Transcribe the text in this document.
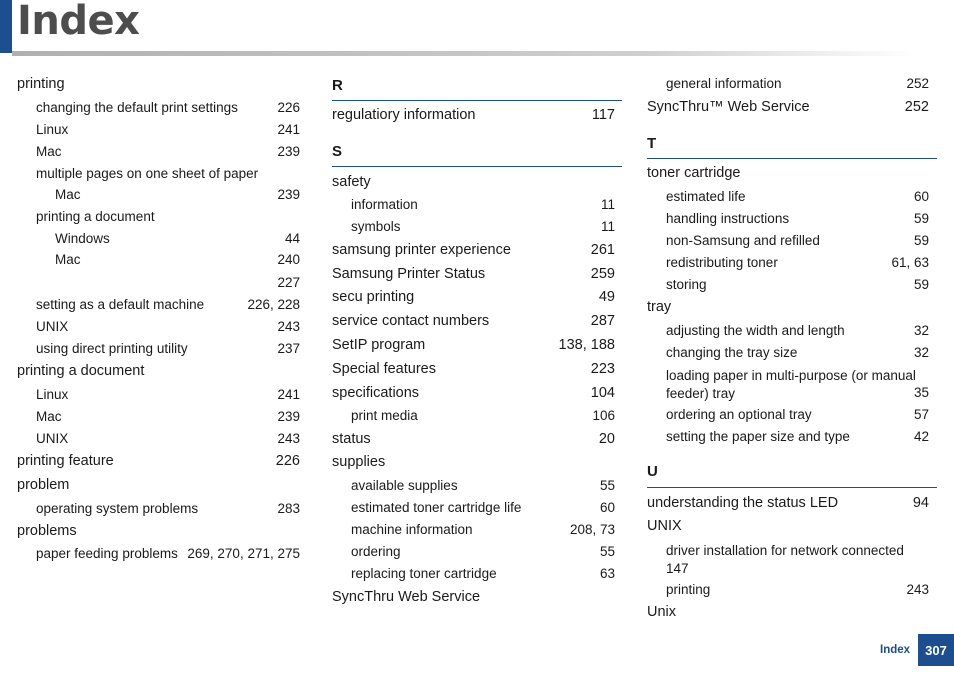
Index
printing
changing the default print settings	226
Linux	241
Mac	239
multiple pages on one sheet of paper
Mac	239
printing a document
Windows	44
Mac	240
227
setting as a default machine	226, 228
UNIX	243
using direct printing utility	237
printing a document
Linux	241
Mac	239
UNIX	243
printing feature	226
problem
operating system problems	283
problems
paper feeding problems 269, 270, 271, 275
R
regulatiory information	117
S
safety
information	11
symbols	11
samsung printer experience	261
Samsung Printer Status	259
secu printing	49
service contact numbers	287
SetIP program	138, 188
Special features	223
specifications	104
print media	106
status	20
supplies
available supplies	55
estimated toner cartridge life	60
machine information	208, 73
ordering	55
replacing toner cartridge	63
SyncThru Web Service
general information	252
SyncThru™ Web Service	252
T
toner cartridge
estimated life	60
handling instructions	59
non-Samsung and refilled	59
redistributing toner	61, 63
storing	59
tray
adjusting the width and length	32
changing the tray size	32
loading paper in multi-purpose (or manual feeder) tray	35
ordering an optional tray	57
setting the paper size and type	42
U
understanding the status LED	94
UNIX
driver installation for network connected 147
printing	243
Unix
Index	307
